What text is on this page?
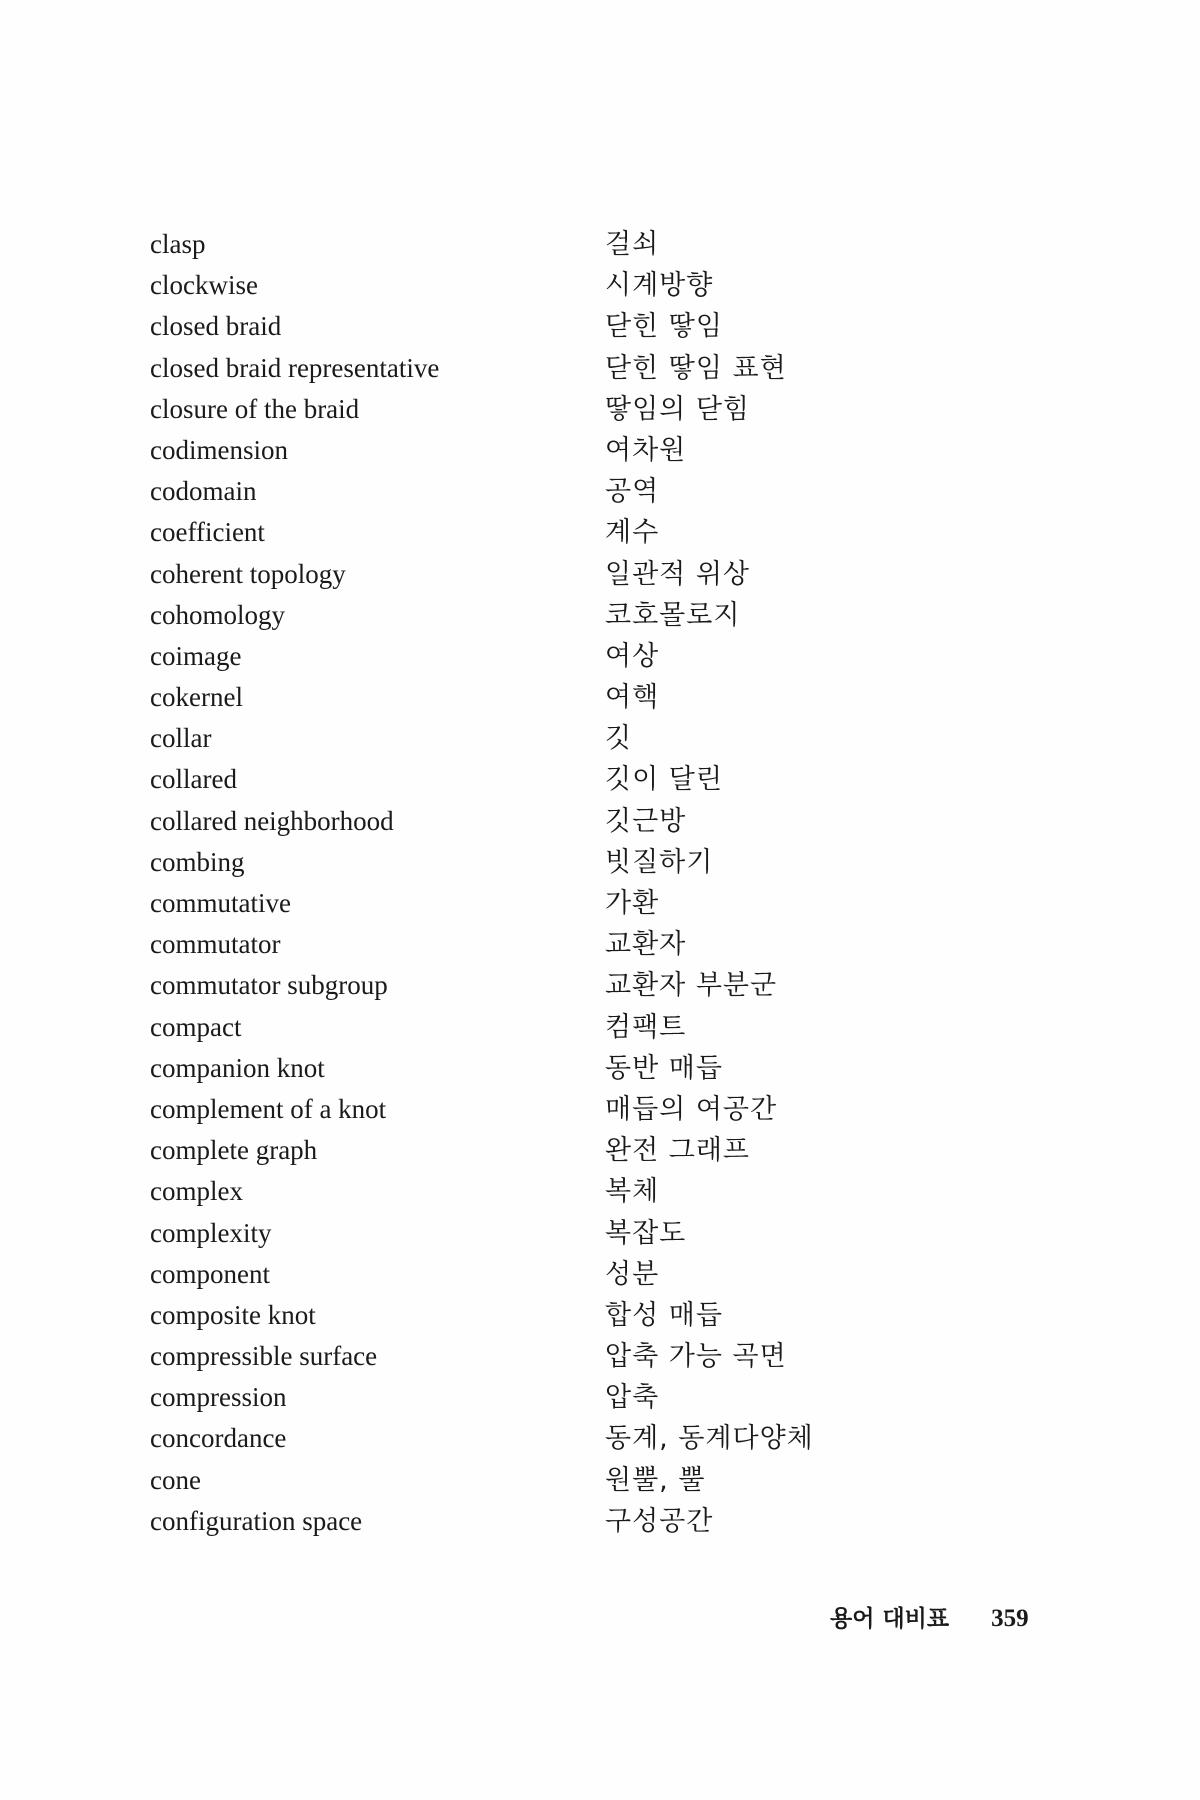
clasp	걸쇠
clockwise	시계방향
closed braid	닫힌 땋임
closed braid representative	닫힌 땋임 표현
closure of the braid	땋임의 닫힘
codimension	여차원
codomain	공역
coefficient	계수
coherent topology	일관적 위상
cohomology	코호몰로지
coimage	여상
cokernel	여핵
collar	깃
collared	깃이 달린
collared neighborhood	깃근방
combing	빗질하기
commutative	가환
commutator	교환자
commutator subgroup	교환자 부분군
compact	컴팩트
companion knot	동반 매듭
complement of a knot	매듭의 여공간
complete graph	완전 그래프
complex	복체
complexity	복잡도
component	성분
composite knot	합성 매듭
compressible surface	압축 가능 곡면
compression	압축
concordance	동계, 동계다양체
cone	원뿔, 뿔
configuration space	구성공간
용어 대비표 359
